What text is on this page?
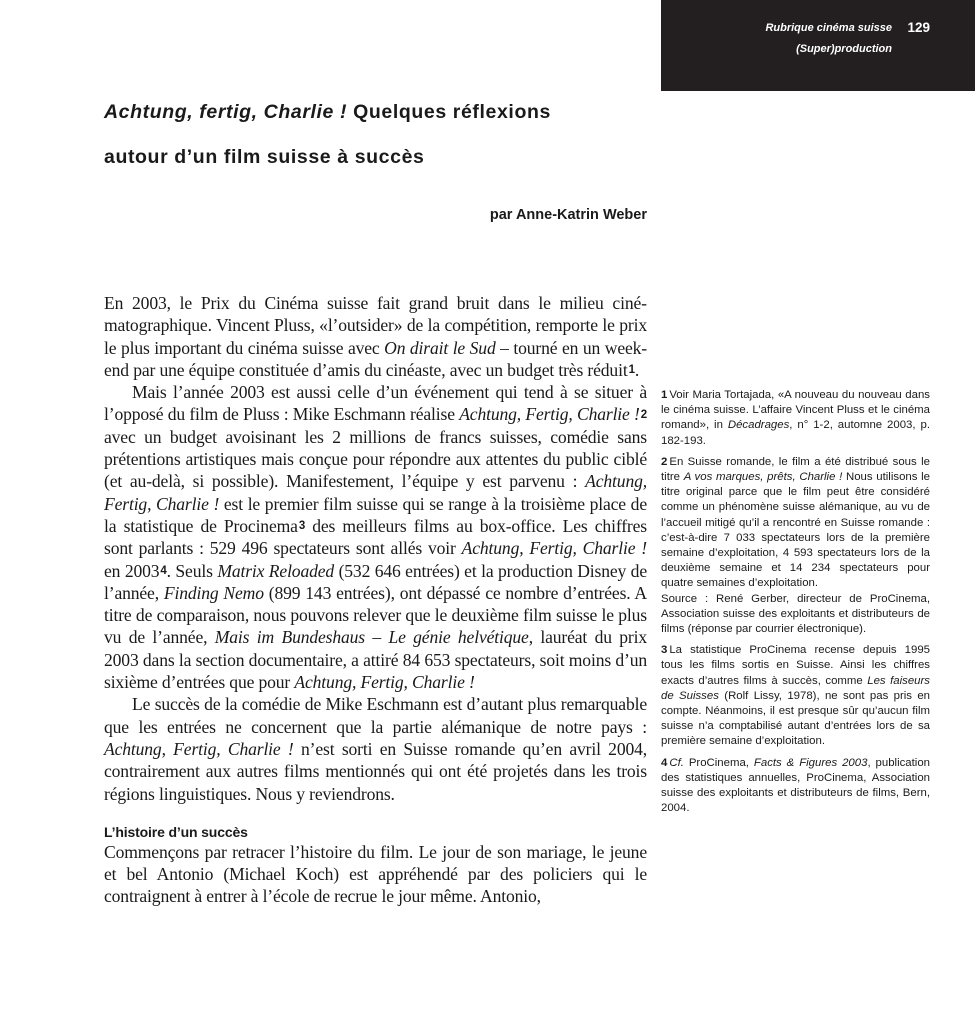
Rubrique cinéma suisse 129
(Super)production
Achtung, fertig, Charlie ! Quelques réflexions
autour d’un film suisse à succès
par Anne-Katrin Weber

En 2003, le Prix du Cinéma suisse fait grand bruit dans le milieu cinématographique. Vincent Pluss, «l’outsider» de la compétition, remporte le prix le plus important du cinéma suisse avec On dirait le Sud – tourné en un week-end par une équipe constituée d’amis du cinéaste, avec un budget très réduit$^1$.

Mais l’année 2003 est aussi celle d’un événement qui tend à se situer à l’opposé du film de Pluss : Mike Eschmann réalise Achtung, Fertig, Charlie !$^2$ avec un budget avoisinant les 2 millions de francs suisses, comédie sans prétentions artistiques mais conçue pour répondre aux attentes du public ciblé (et au-delà, si possible). Manifestement, l’équipe y est parvenu : Achtung, Fertig, Charlie ! est le premier film suisse qui se range à la troisième place de la statistique de Procinema$^3$ des meilleurs films au box-office. Les chiffres sont parlants : 529 496 spectateurs sont allés voir Achtung, Fertig, Charlie ! en 2003$^4$. Seuls Matrix Reloaded (532 646 entrées) et la production Disney de l’année, Finding Nemo (899 143 entrées), ont dépassé ce nombre d’entrées. A titre de comparaison, nous pouvons relever que le deuxième film suisse le plus vu de l’année, Mais im Bundeshaus – Le génie helvétique, lauréat du prix 2003 dans la section documentaire, a attiré 84 653 spectateurs, soit moins d’un sixième d’entrées que pour Achtung, Fertig, Charlie !

Le succès de la comédie de Mike Eschmann est d’autant plus remarquable que les entrées ne concernent que la partie alémanique de notre pays : Achtung, Fertig, Charlie ! n’est sorti en Suisse romande qu’en avril 2004, contrairement aux autres films mentionnés qui ont été projetés dans les trois régions linguistiques. Nous y reviendrons.

L’histoire d’un succès

Commençons par retracer l’histoire du film. Le jour de son mariage, le jeune et bel Antonio (Michael Koch) est appréhendé par des policiers qui le contraignent à entrer à l’école de recrue le jour même. Antonio,

1 Voir Maria Tortajada, «A nouveau du nouveau dans le cinéma suisse. L’affaire Vincent Pluss et le cinéma romand», in Décadrages, n° 1-2, automne 2003, p. 182-193.

2 En Suisse romande, le film a été distribué sous le titre A vos marques, prêts, Charlie ! Nous utilisons le titre original parce que le film peut être considéré comme un phénomène suisse alémanique, au vu de l’accueil mitigé qu’il a rencontré en Suisse romande : c’est-à-dire 7 033 spectateurs lors de la première semaine d’exploitation, 4 593 spectateurs lors de la deuxième semaine et 14 234 spectateurs pour quatre semaines d’exploitation.
Source : René Gerber, directeur de ProCinema, Association suisse des exploitants et distributeurs de films (réponse par courrier électronique).

3 La statistique ProCinema recense depuis 1995 tous les films sortis en Suisse. Ainsi les chiffres exacts d’autres films à succès, comme Les faiseurs de Suisses (Rolf Lissy, 1978), ne sont pas pris en compte. Néanmoins, il est presque sûr qu’aucun film suisse n’a comptabilisé autant d’entrées lors de sa première semaine d’exploitation.

4 Cf. ProCinema, Facts & Figures 2003, publication des statistiques annuelles, ProCinema, Association suisse des exploitants et distributeurs de films, Bern, 2004.
